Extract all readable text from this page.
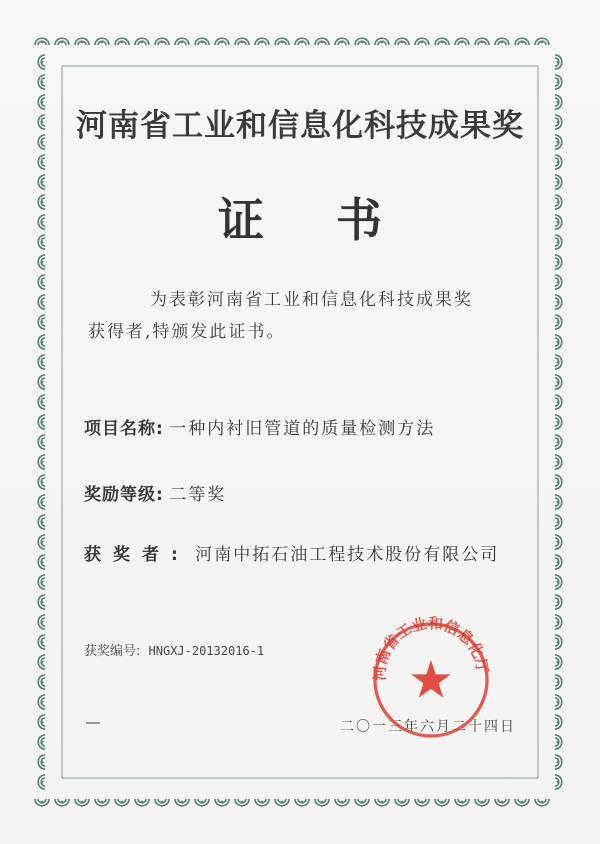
河南省工业和信息化科技成果奖
证书
为表彰河南省工业和信息化科技成果奖
获得者,特颁发此证书。
项目名称: 一种内衬旧管道的质量检测方法
奖励等级: 二等奖
获奖者: 河南中拓石油工程技术股份有限公司
获奖编号: HNGXJ-20132016-1
二〇一三年六月二十四日
河南省工业和信息化厅
